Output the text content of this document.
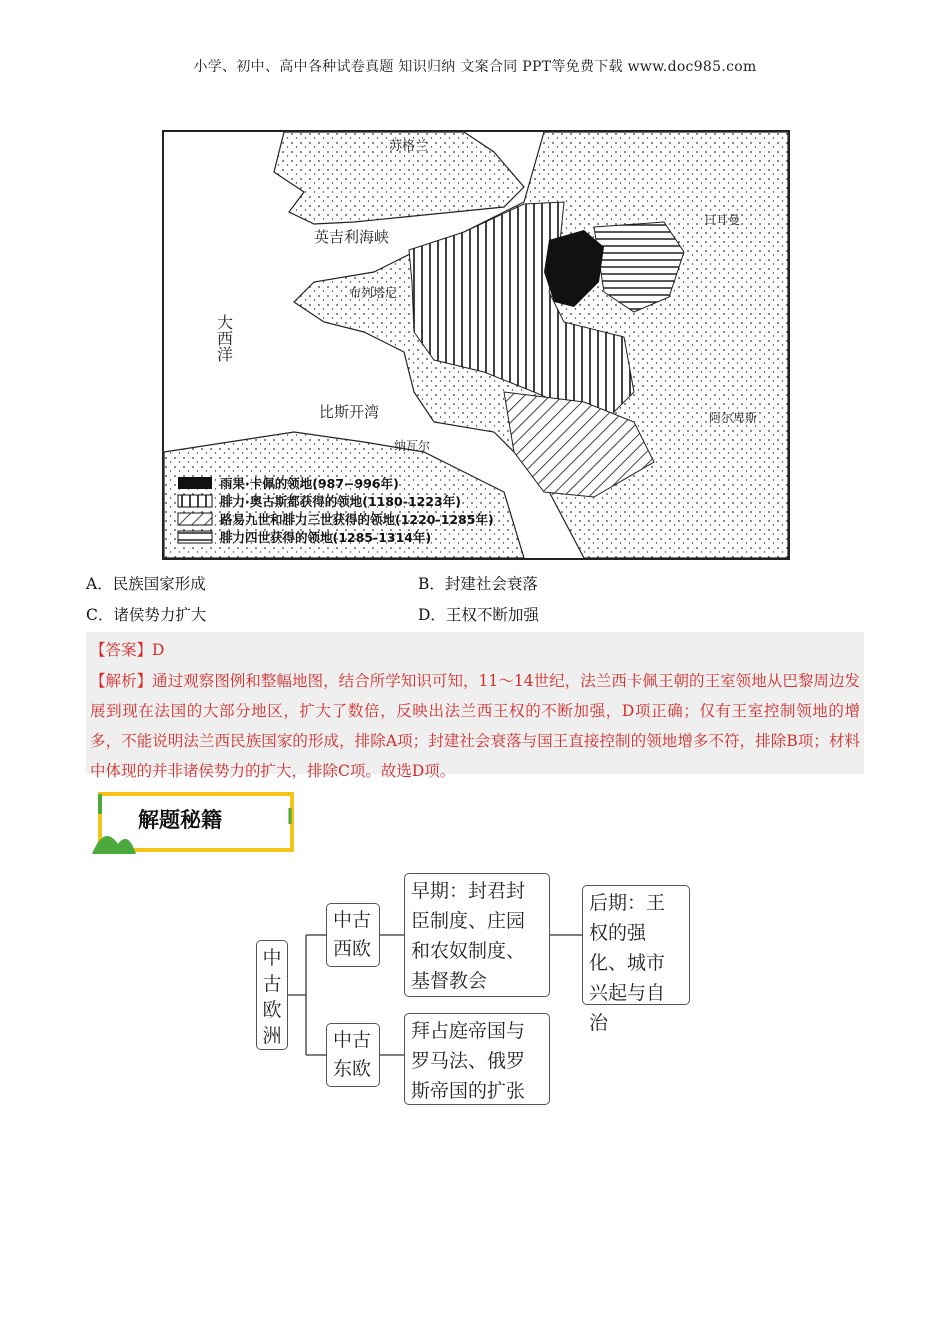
小学、初中、高中各种试卷真题 知识归纳 文案合同 PPT等免费下载 www.doc985.com
苏格兰
英吉利海峡
大西洋
比斯开湾
布列塔尼
日耳曼
纳瓦尔
阿尔卑斯
雨果·卡佩的领地(987−996年)
腓力·奥古斯都获得的领地(1180-1223年)
路易九世和腓力三世获得的领地(1220-1285年)
腓力四世获得的领地(1285-1314年)
A．民族国家形成	B．封建社会衰落
C．诸侯势力扩大	D．王权不断加强
【答案】D
【解析】通过观察图例和整幅地图，结合所学知识可知，11～14世纪，法兰西卡佩王朝的王室领地从巴黎周边发展到现在法国的大部分地区，扩大了数倍，反映出法兰西王权的不断加强，D项正确；仅有王室控制领地的增多，不能说明法兰西民族国家的形成，排除A项；封建社会衰落与国王直接控制的领地增多不符，排除B项；材料中体现的并非诸侯势力的扩大，排除C项。故选D项。
解题秘籍
中古欧洲
中古西欧
中古东欧
早期：封君封臣制度、庄园和农奴制度、基督教会
后期：王权的强化、城市兴起与自治
拜占庭帝国与罗马法、俄罗斯帝国的扩张
